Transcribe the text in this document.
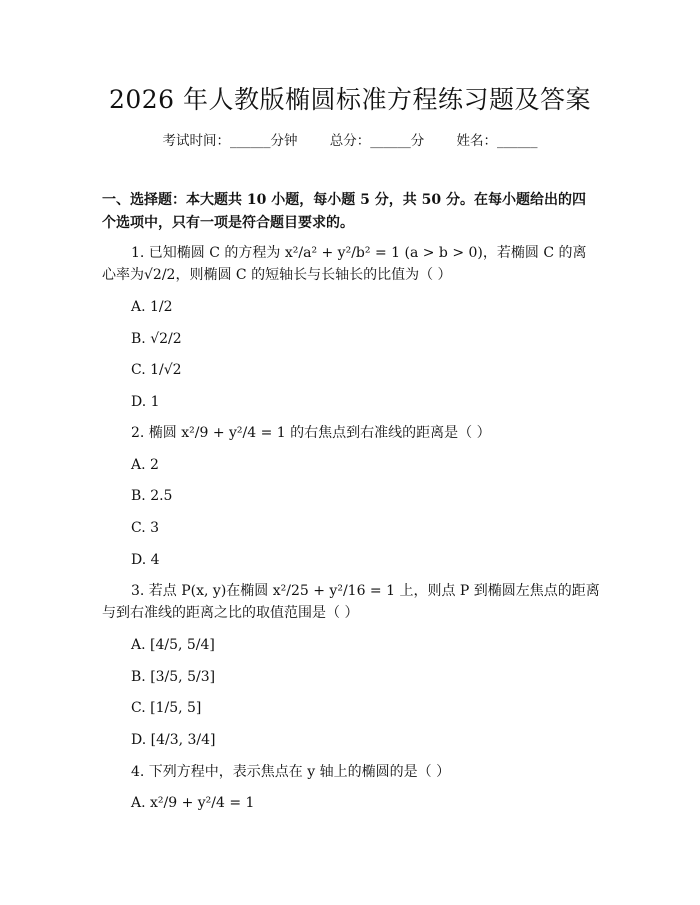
2026 年人教版椭圆标准方程练习题及答案
考试时间：______分钟 总分：______分 姓名：______
一、选择题：本大题共 10 小题，每小题 5 分，共 50 分。在每小题给出的四个选项中，只有一项是符合题目要求的。
1. 已知椭圆 C 的方程为 x²/a² + y²/b² = 1 (a > b > 0)，若椭圆 C 的离心率为√2/2，则椭圆 C 的短轴长与长轴长的比值为（ ）
A. 1/2
B. √2/2
C. 1/√2
D. 1
2. 椭圆 x²/9 + y²/4 = 1 的右焦点到右准线的距离是（ ）
A. 2
B. 2.5
C. 3
D. 4
3. 若点 P(x, y)在椭圆 x²/25 + y²/16 = 1 上，则点 P 到椭圆左焦点的距离与到右准线的距离之比的取值范围是（ ）
A. [4/5, 5/4]
B. [3/5, 5/3]
C. [1/5, 5]
D. [4/3, 3/4]
4. 下列方程中，表示焦点在 y 轴上的椭圆的是（ ）
A. x²/9 + y²/4 = 1
